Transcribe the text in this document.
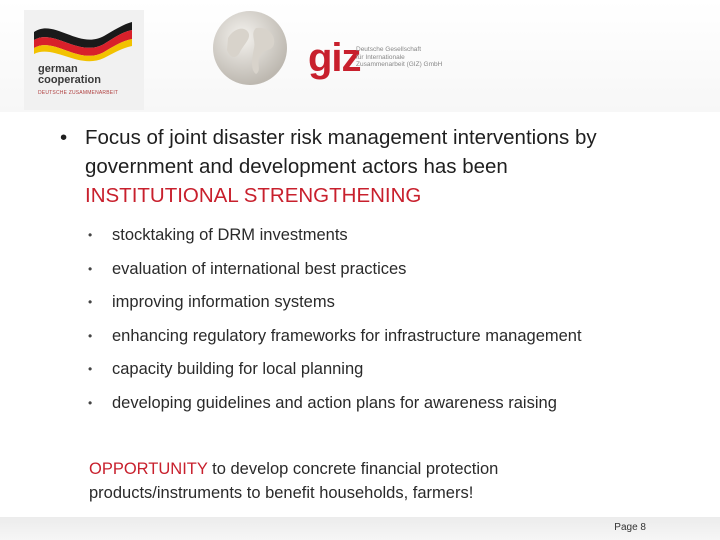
german
cooperation
DEUTSCHE ZUSAMMENARBEIT
giz
Deutsche Gesellschaft
für Internationale
Zusammenarbeit (GIZ) GmbH
• Focus of joint disaster risk management interventions by government and development actors has been
INSTITUTIONAL STRENGTHENING
• stocktaking of DRM investments
• evaluation of international best practices
• improving information systems
• enhancing regulatory frameworks for infrastructure management
• capacity building for local planning
• developing guidelines and action plans for awareness raising
OPPORTUNITY to develop concrete financial protection products/instruments to benefit households, farmers!
Page 8
